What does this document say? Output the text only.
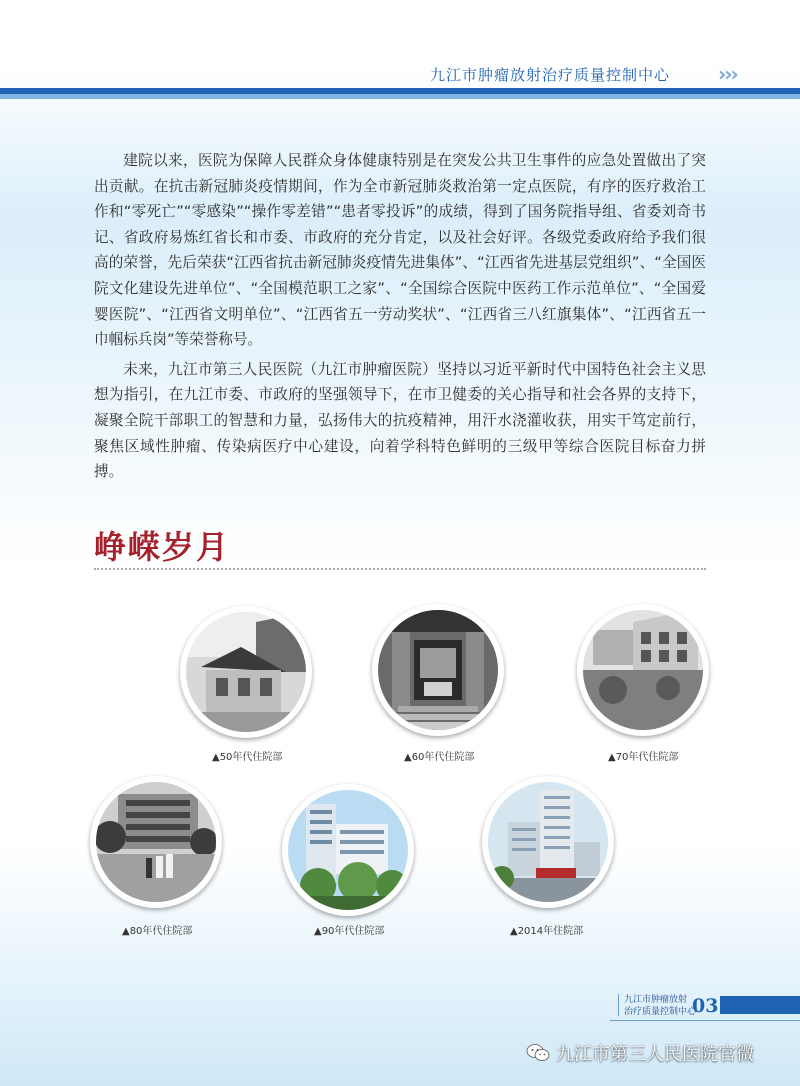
九江市肿瘤放射治疗质量控制中心 ›››

建院以来，医院为保障人民群众身体健康特别是在突发公共卫生事件的应急处置做出了突出贡献。在抗击新冠肺炎疫情期间，作为全市新冠肺炎救治第一定点医院，有序的医疗救治工作和“零死亡”“零感染”“操作零差错”“患者零投诉”的成绩，得到了国务院指导组、省委刘奇书记、省政府易炼红省长和市委、市政府的充分肯定，以及社会好评。各级党委政府给予我们很高的荣誉，先后荣获“江西省抗击新冠肺炎疫情先进集体”、“江西省先进基层党组织”、“全国医院文化建设先进单位”、“全国模范职工之家”、“全国综合医院中医药工作示范单位”、“全国爱婴医院”、“江西省文明单位”、“江西省五一劳动奖状”、“江西省三八红旗集体”、“江西省五一巾帼标兵岗”等荣誉称号。

未来，九江市第三人民医院（九江市肿瘤医院）坚持以习近平新时代中国特色社会主义思想为指引，在九江市委、市政府的坚强领导下，在市卫健委的关心指导和社会各界的支持下，凝聚全院干部职工的智慧和力量，弘扬伟大的抗疫精神，用汗水浇灌收获，用实干笃定前行，聚焦区域性肿瘤、传染病医疗中心建设，向着学科特色鲜明的三级甲等综合医院目标奋力拼搏。

峥嵘岁月
▲50年代住院部	▲60年代住院部	▲70年代住院部
▲80年代住院部	▲90年代住院部	▲2014年住院部
九江市肿瘤放射
治疗质量控制中心
03
九江市第三人民医院官微
